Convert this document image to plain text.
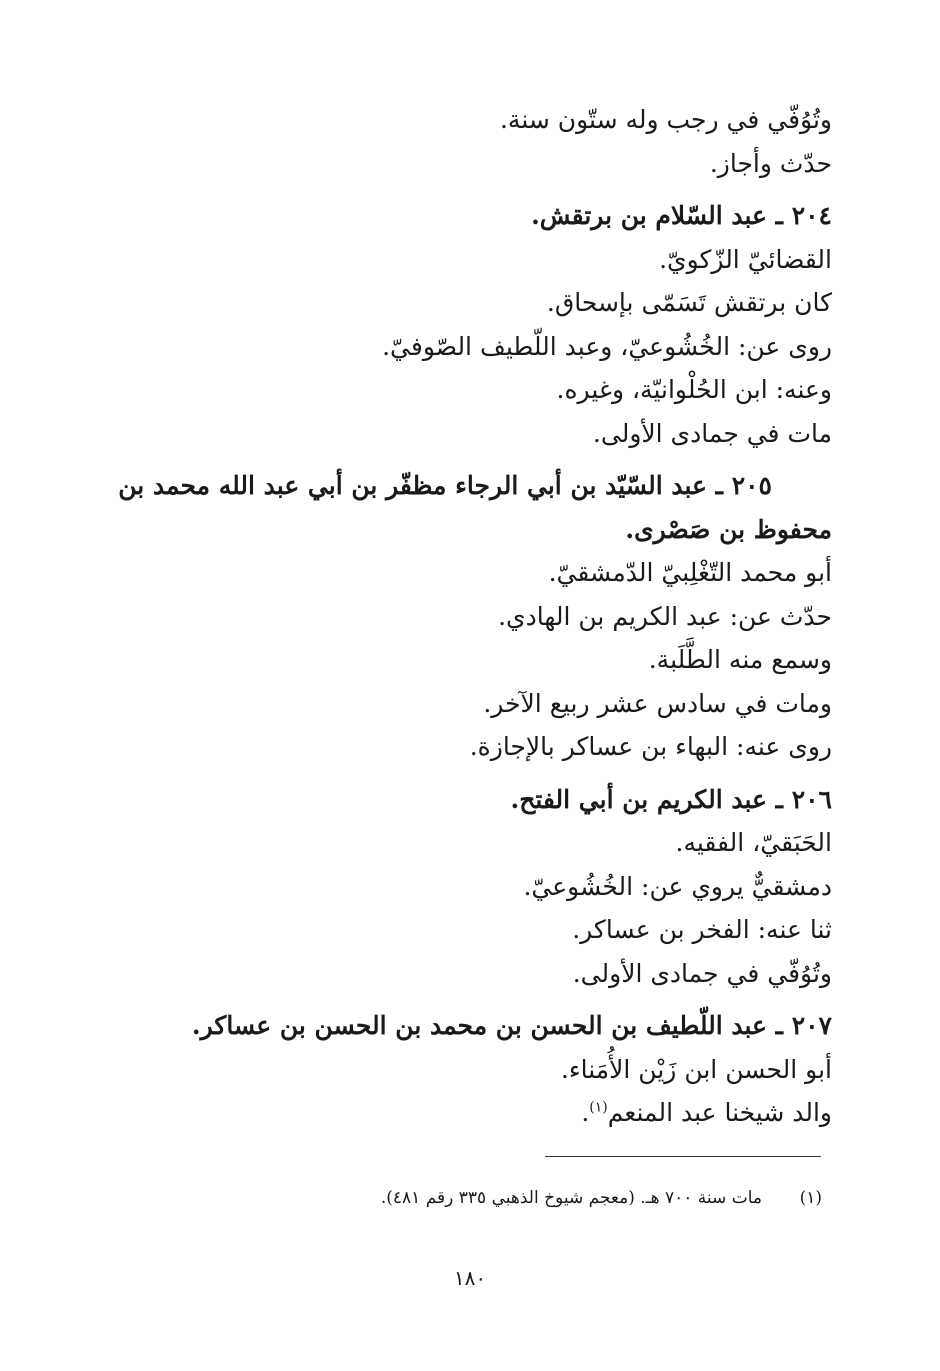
وتُوُفّي في رجب وله ستّون سنة.
حدّث وأجاز.
٢٠٤ ـ عبد السّلام بن برتقش.
القضائيّ الزّكويّ.
كان برتقش تَسَمّى بإسحاق.
روى عن: الخُشُوعيّ، وعبد اللّطيف الصّوفيّ.
وعنه: ابن الحُلْوانيّة، وغيره.
مات في جمادى الأولى.
٢٠٥ ـ عبد السّيّد بن أبي الرجاء مظفّر بن أبي عبد الله محمد بن محفوظ بن صَصْرى.
أبو محمد التّغْلِبيّ الدّمشقيّ.
حدّث عن: عبد الكريم بن الهادي.
وسمع منه الطَّلَبة.
ومات في سادس عشر ربيع الآخر.
روى عنه: البهاء بن عساكر بالإجازة.
٢٠٦ ـ عبد الكريم بن أبي الفتح.
الحَبَقيّ، الفقيه.
دمشقيٌّ يروي عن: الخُشُوعيّ.
ثنا عنه: الفخر بن عساكر.
وتُوُفّي في جمادى الأولى.
٢٠٧ ـ عبد اللّطيف بن الحسن بن محمد بن الحسن بن عساكر.
أبو الحسن ابن زَيْن الأُمَناء.
والد شيخنا عبد المنعم$^{(١)}$.
(١)مات سنة ٧٠٠ هـ. (معجم شيوخ الذهبي ٣٣٥ رقم ٤٨١).
١٨٠
